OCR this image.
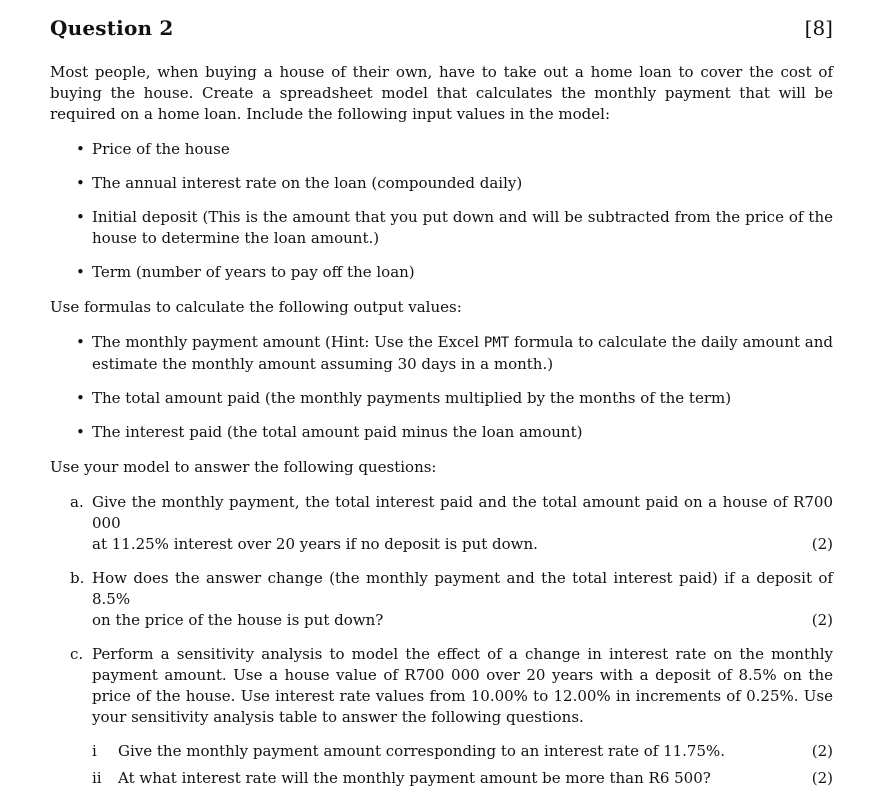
Question 2	[8]
Most people, when buying a house of their own, have to take out a home loan to cover the cost of buying the house. Create a spreadsheet model that calculates the monthly payment that will be required on a home loan. Include the following input values in the model:
• Price of the house
• The annual interest rate on the loan (compounded daily)
• Initial deposit (This is the amount that you put down and will be subtracted from the price of the house to determine the loan amount.)
• Term (number of years to pay off the loan)
Use formulas to calculate the following output values:
• The monthly payment amount (Hint: Use the Excel PMT formula to calculate the daily amount and estimate the monthly amount assuming 30 days in a month.)
• The total amount paid (the monthly payments multiplied by the months of the term)
• The interest paid (the total amount paid minus the loan amount)
Use your model to answer the following questions:
a. Give the monthly payment, the total interest paid and the total amount paid on a house of R700 000
at 11.25% interest over 20 years if no deposit is put down.	(2)
b. How does the answer change (the monthly payment and the total interest paid) if a deposit of 8.5%
on the price of the house is put down?	(2)
c. Perform a sensitivity analysis to model the effect of a change in interest rate on the monthly payment amount. Use a house value of R700 000 over 20 years with a deposit of 8.5% on the price of the house. Use interest rate values from 10.00% to 12.00% in increments of 0.25%. Use your sensitivity analysis table to answer the following questions.
i Give the monthly payment amount corresponding to an interest rate of 11.75%.	(2)
ii At what interest rate will the monthly payment amount be more than R6 500?	(2)
